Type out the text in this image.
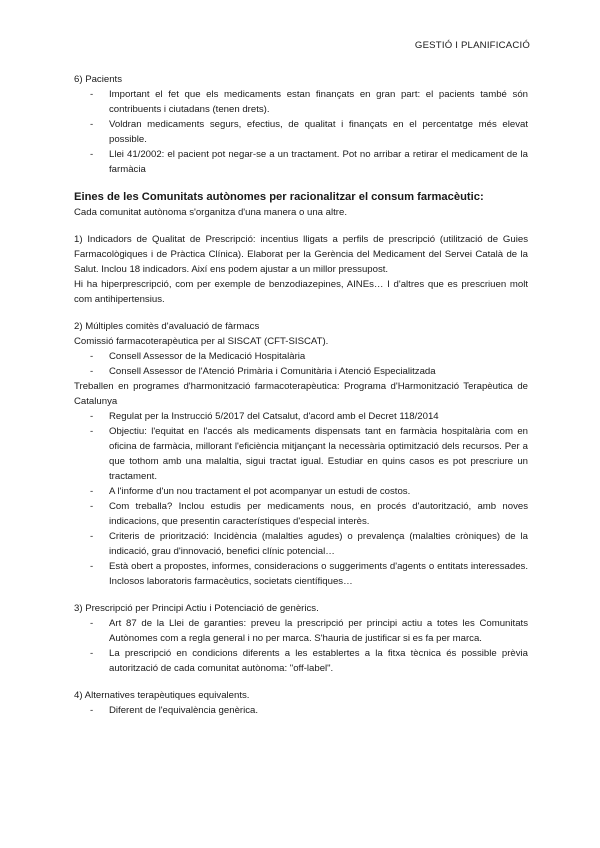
GESTIÓ I PLANIFICACIÓ

6) Pacients

- Important el fet que els medicaments estan finançats en gran part: el pacients també són contribuents i ciutadans (tenen drets).
- Voldran medicaments segurs, efectius, de qualitat i finançats en el percentatge més elevat possible.
- Llei 41/2002: el pacient pot negar-se a un tractament. Pot no arribar a retirar el medicament de la farmàcia

Eines de les Comunitats autònomes per racionalitzar el consum farmacèutic:

Cada comunitat autònoma s'organitza d'una manera o una altre.

1) Indicadors de Qualitat de Prescripció: incentius lligats a perfils de prescripció (utilització de Guies Farmacològiques i de Pràctica Clínica). Elaborat per la Gerència del Medicament del Servei Català de la Salut. Inclou 18 indicadors. Així ens podem ajustar a un millor pressupost.

Hi ha hiperprescripció, com per exemple de benzodiazepines, AINEs… I d'altres que es prescriuen molt com antihipertensius.

2) Múltiples comitès d'avaluació de fàrmacs

Comissió farmacoterapèutica per al SISCAT (CFT-SISCAT).

- Consell Assessor de la Medicació Hospitalària
- Consell Assessor de l'Atenció Primària i Comunitària i Atenció Especialitzada

Treballen en programes d'harmonització farmacoterapèutica: Programa d'Harmonització Terapèutica de Catalunya

- Regulat per la Instrucció 5/2017 del Catsalut, d'acord amb el Decret 118/2014
- Objectiu: l'equitat en l'accés als medicaments dispensats tant en farmàcia hospitalària com en oficina de farmàcia, millorant l'eficiència mitjançant la necessària optimització dels recursos. Per a que tothom amb una malaltia, sigui tractat igual. Estudiar en quins casos es pot prescriure un tractament.
- A l'informe d'un nou tractament el pot acompanyar un estudi de costos.
- Com treballa? Inclou estudis per medicaments nous, en procés d'autorització, amb noves indicacions, que presentin característiques d'especial interès.
- Criteris de priorització: Incidència (malalties agudes) o prevalença (malalties cròniques) de la indicació, grau d'innovació, benefici clínic potencial…
- Està obert a propostes, informes, consideracions o suggeriments d'agents o entitats interessades. Inclosos laboratoris farmacèutics, societats científiques…

3) Prescripció per Principi Actiu i Potenciació de genèrics.

- Art 87 de la Llei de garanties: preveu la prescripció per principi actiu a totes les Comunitats Autònomes com a regla general i no per marca. S'hauria de justificar si es fa per marca.
- La prescripció en condicions diferents a les establertes a la fitxa tècnica és possible prèvia autorització de cada comunitat autònoma: "off-label".

4) Alternatives terapèutiques equivalents.

- Diferent de l'equivalència genèrica.
